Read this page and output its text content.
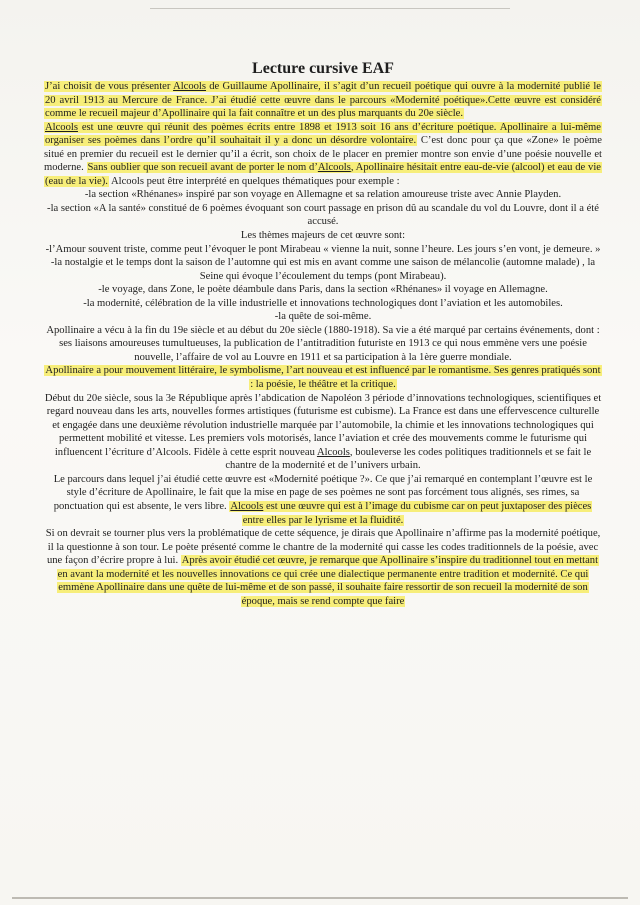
Lecture cursive EAF

J’ai choisit de vous présenter Alcools de Guillaume Apollinaire, il s’agit d’un recueil poétique qui ouvre à la modernité publié le 20 avril 1913 au Mercure de France. J’ai étudié cette œuvre dans le parcours «Modernité poétique».Cette œuvre est considéré comme le recueil majeur d’Apollinaire qui la fait connaître et un des plus marquants du 20e siècle.

Alcools est une œuvre qui réunit des poèmes écrits entre 1898 et 1913 soit 16 ans d’écriture poétique. Apollinaire a lui-même organiser ses poèmes dans l’ordre qu’il souhaitait il y a donc un désordre volontaire. C’est donc pour ça que «Zone» le poème situé en premier du recueil est le dernier qu’il a écrit, son choix de le placer en premier montre son envie d’une poésie nouvelle et moderne. Sans oublier que son recueil avant de porter le nom d’Alcools, Apollinaire hésitait entre eau-de-vie (alcool) et eau de vie (eau de la vie). Alcools peut être interprété en quelques thématiques pour exemple :

-la section «Rhénanes» inspiré par son voyage en Allemagne et sa relation amoureuse triste avec Annie Playden.

-la section «A la santé» constitué de 6 poèmes évoquant son court passage en prison dû au scandale du vol du Louvre, dont il a été accusé.

Les thèmes majeurs de cet œuvre sont:

-l’Amour souvent triste, comme peut l’évoquer le pont Mirabeau « vienne la nuit, sonne l’heure. Les jours s’en vont, je demeure. »

-la nostalgie et le temps dont la saison de l’automne qui est mis en avant comme une saison de mélancolie (automne malade) , la Seine qui évoque l’écoulement du temps (pont Mirabeau).

-le voyage, dans Zone, le poète déambule dans Paris, dans la section «Rhénanes» il voyage en Allemagne.

-la modernité, célébration de la ville industrielle et innovations technologiques dont l’aviation et les automobiles.

-la quête de soi-même.

Apollinaire a vécu à la fin du 19e siècle et au début du 20e siècle (1880-1918). Sa vie a été marqué par certains événements, dont : ses liaisons amoureuses tumultueuses, la publication de l’antitradition futuriste en 1913 ce qui nous emmène vers une poésie nouvelle, l’affaire de vol au Louvre en 1911 et sa participation à la 1ère guerre mondiale.

Apollinaire a pour mouvement littéraire, le symbolisme, l’art nouveau et est influencé par le romantisme. Ses genres pratiqués sont : la poésie, le théâtre et la critique.

Début du 20e siècle, sous la 3e République après l’abdication de Napoléon 3 période d’innovations technologiques, scientifiques et regard nouveau dans les arts, nouvelles formes artistiques (futurisme est cubisme). La France est dans une effervescence culturelle et engagée dans une deuxième révolution industrielle marquée par l’automobile, la chimie et les innovations technologiques qui permettent mobilité et vitesse. Les premiers vols motorisés, lance l’aviation et crée des mouvements comme le futurisme qui influencent l’écriture d’Alcools. Fidèle à cette esprit nouveau Alcools, bouleverse les codes politiques traditionnels et se fait le chantre de la modernité et de l’univers urbain.

Le parcours dans lequel j’ai étudié cette œuvre est «Modernité poétique ?». Ce que j’ai remarqué en contemplant l’œuvre est le style d’écriture de Apollinaire, le fait que la mise en page de ses poèmes ne sont pas forcément tous alignés, ses rimes, sa ponctuation qui est absente, le vers libre. Alcools est une œuvre qui est à l’image du cubisme car on peut juxtaposer des pièces entre elles par le lyrisme et la fluidité.

Si on devrait se tourner plus vers la problématique de cette séquence, je dirais que Apollinaire n’affirme pas la modernité poétique, il la questionne à son tour. Le poète présenté comme le chantre de la modernité qui casse les codes traditionnels de la poésie, avec une façon d’écrire propre à lui. Après avoir étudié cet œuvre, je remarque que Apollinaire s’inspire du traditionnel tout en mettant en avant la modernité et les nouvelles innovations ce qui crée une dialectique permanente entre tradition et modernité. Ce qui emmène Apollinaire dans une quête de lui-même et de son passé, il souhaite faire ressortir de son recueil la modernité de son époque, mais se rend compte que faire
